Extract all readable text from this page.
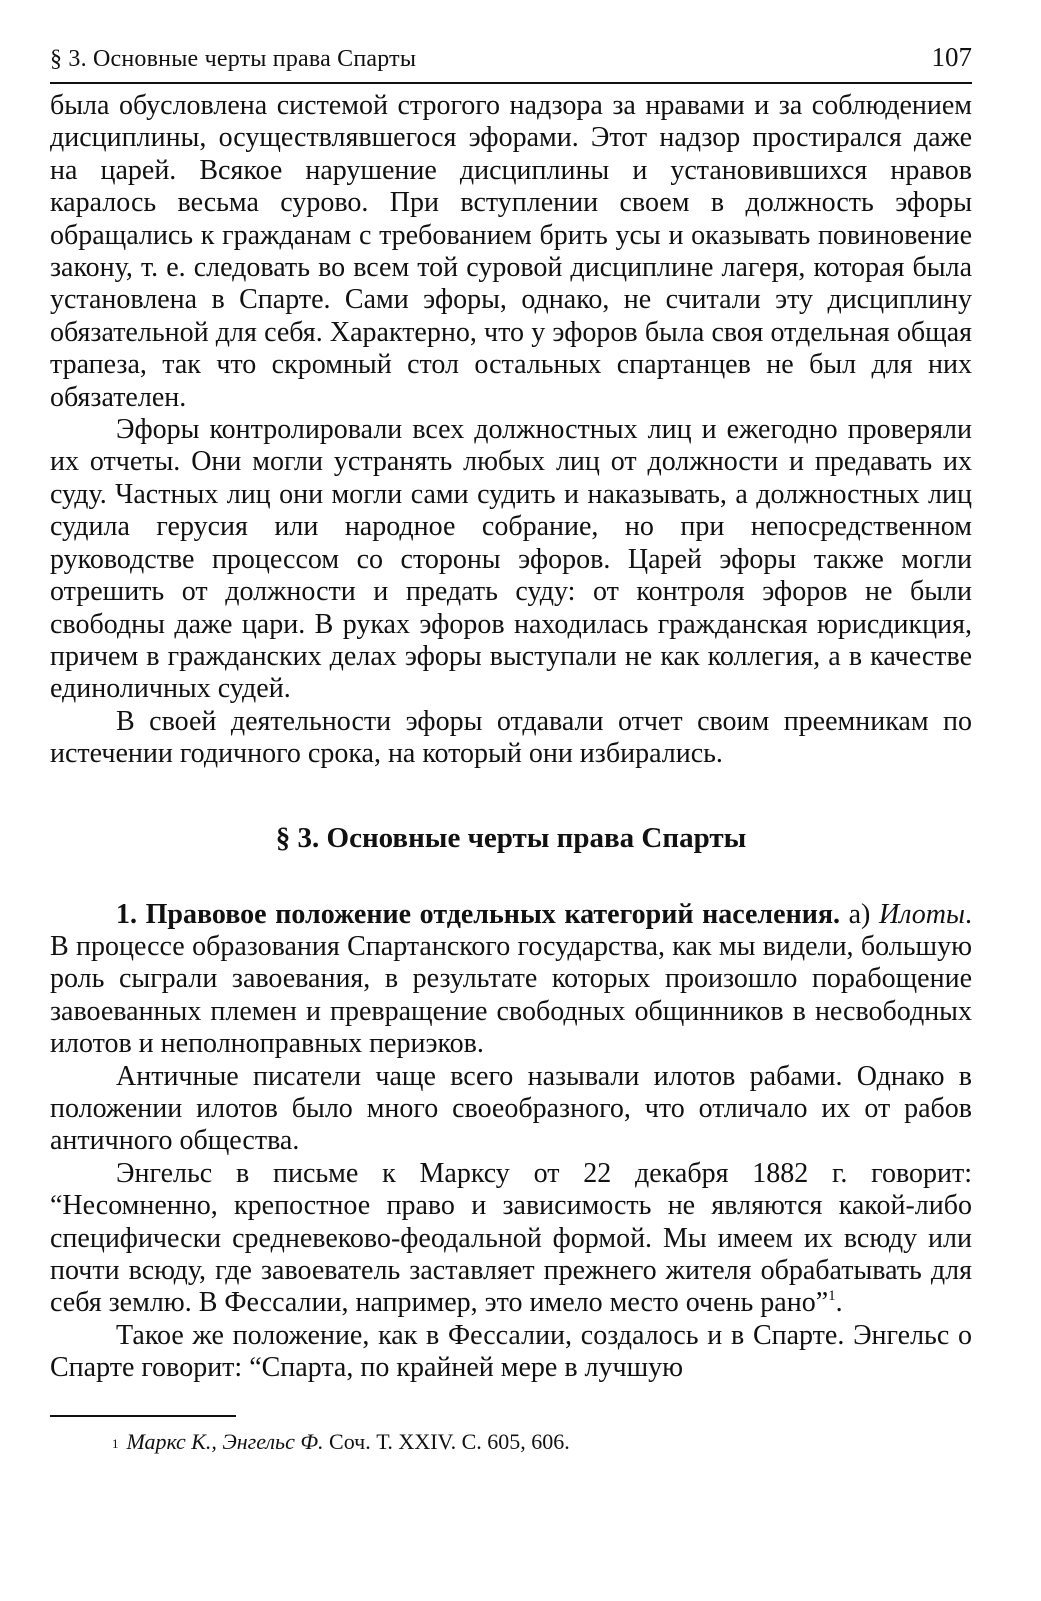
§ 3. Основные черты права Спарты	107

была обусловлена системой строгого надзора за нравами и за соблюдением дисциплины, осуществлявшегося эфорами. Этот надзор простирался даже на царей. Всякое нарушение дисциплины и установившихся нравов каралось весьма сурово. При вступлении своем в должность эфоры обращались к гражданам с требованием брить усы и оказывать повиновение закону, т. е. следовать во всем той суровой дисциплине лагеря, которая была установлена в Спарте. Сами эфоры, однако, не считали эту дисциплину обязательной для себя. Характерно, что у эфоров была своя отдельная общая трапеза, так что скромный стол остальных спартанцев не был для них обязателен.

Эфоры контролировали всех должностных лиц и ежегодно проверяли их отчеты. Они могли устранять любых лиц от должности и предавать их суду. Частных лиц они могли сами судить и наказывать, а должностных лиц судила герусия или народное собрание, но при непосредственном руководстве процессом со стороны эфоров. Царей эфоры также могли отрешить от должности и предать суду: от контроля эфоров не были свободны даже цари. В руках эфоров находилась гражданская юрисдикция, причем в гражданских делах эфоры выступали не как коллегия, а в качестве единоличных судей.

В своей деятельности эфоры отдавали отчет своим преемникам по истечении годичного срока, на который они избирались.

§ 3. Основные черты права Спарты

1. Правовое положение отдельных категорий населения. а) Илоты. В процессе образования Спартанского государства, как мы видели, большую роль сыграли завоевания, в результате которых произошло порабощение завоеванных племен и превращение свободных общинников в несвободных илотов и неполноправных периэков.

Античные писатели чаще всего называли илотов рабами. Однако в положении илотов было много своеобразного, что отличало их от рабов античного общества.

Энгельс в письме к Марксу от 22 декабря 1882 г. говорит: “Несомненно, крепостное право и зависимость не являются какой-либо специфически средневеково-феодальной формой. Мы имеем их всюду или почти всюду, где завоеватель заставляет прежнего жителя обрабатывать для себя землю. В Фессалии, например, это имело место очень рано”$^1$.

Такое же положение, как в Фессалии, создалось и в Спарте. Энгельс о Спарте говорит: “Спарта, по крайней мере в лучшую

$^1$ Маркс К., Энгельс Ф. Соч. Т. XXIV. С. 605, 606.
